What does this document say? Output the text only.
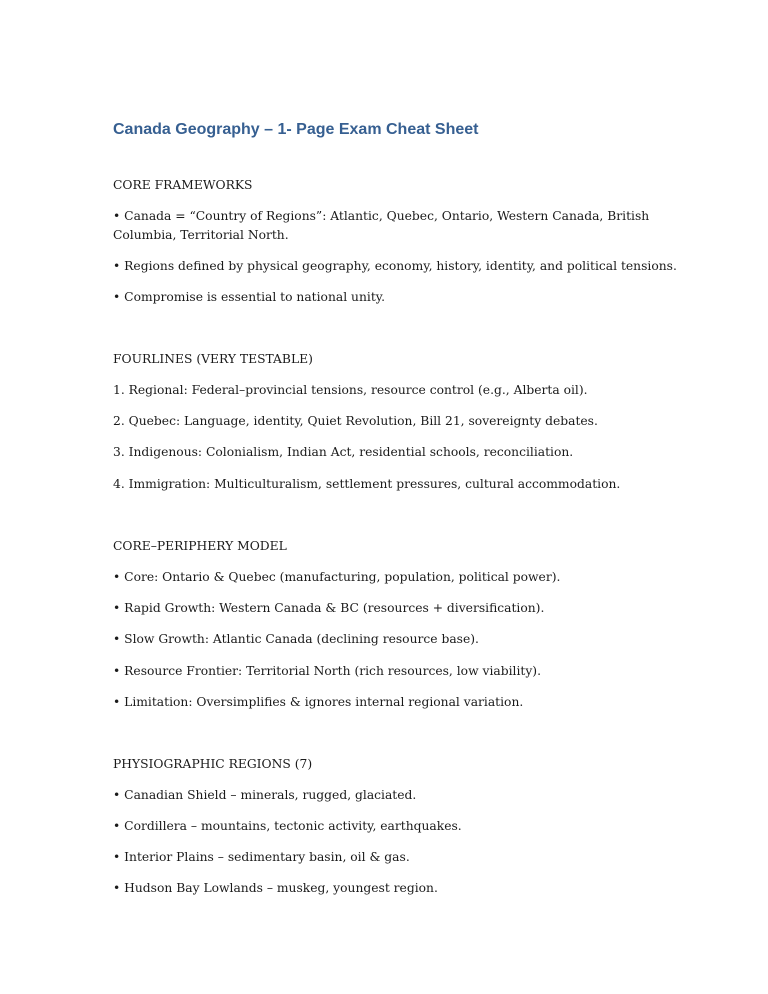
Canada Geography – 1- Page Exam Cheat Sheet

CORE FRAMEWORKS

• Canada = “Country of Regions”: Atlantic, Quebec, Ontario, Western Canada, British Columbia, Territorial North.

• Regions defined by physical geography, economy, history, identity, and political tensions.

• Compromise is essential to national unity.

FOURLINES (VERY TESTABLE)

1. Regional: Federal–provincial tensions, resource control (e.g., Alberta oil).

2. Quebec: Language, identity, Quiet Revolution, Bill 21, sovereignty debates.

3. Indigenous: Colonialism, Indian Act, residential schools, reconciliation.

4. Immigration: Multiculturalism, settlement pressures, cultural accommodation.

CORE–PERIPHERY MODEL

• Core: Ontario & Quebec (manufacturing, population, political power).

• Rapid Growth: Western Canada & BC (resources + diversification).

• Slow Growth: Atlantic Canada (declining resource base).

• Resource Frontier: Territorial North (rich resources, low viability).

• Limitation: Oversimplifies & ignores internal regional variation.

PHYSIOGRAPHIC REGIONS (7)

• Canadian Shield – minerals, rugged, glaciated.

• Cordillera – mountains, tectonic activity, earthquakes.

• Interior Plains – sedimentary basin, oil & gas.

• Hudson Bay Lowlands – muskeg, youngest region.
